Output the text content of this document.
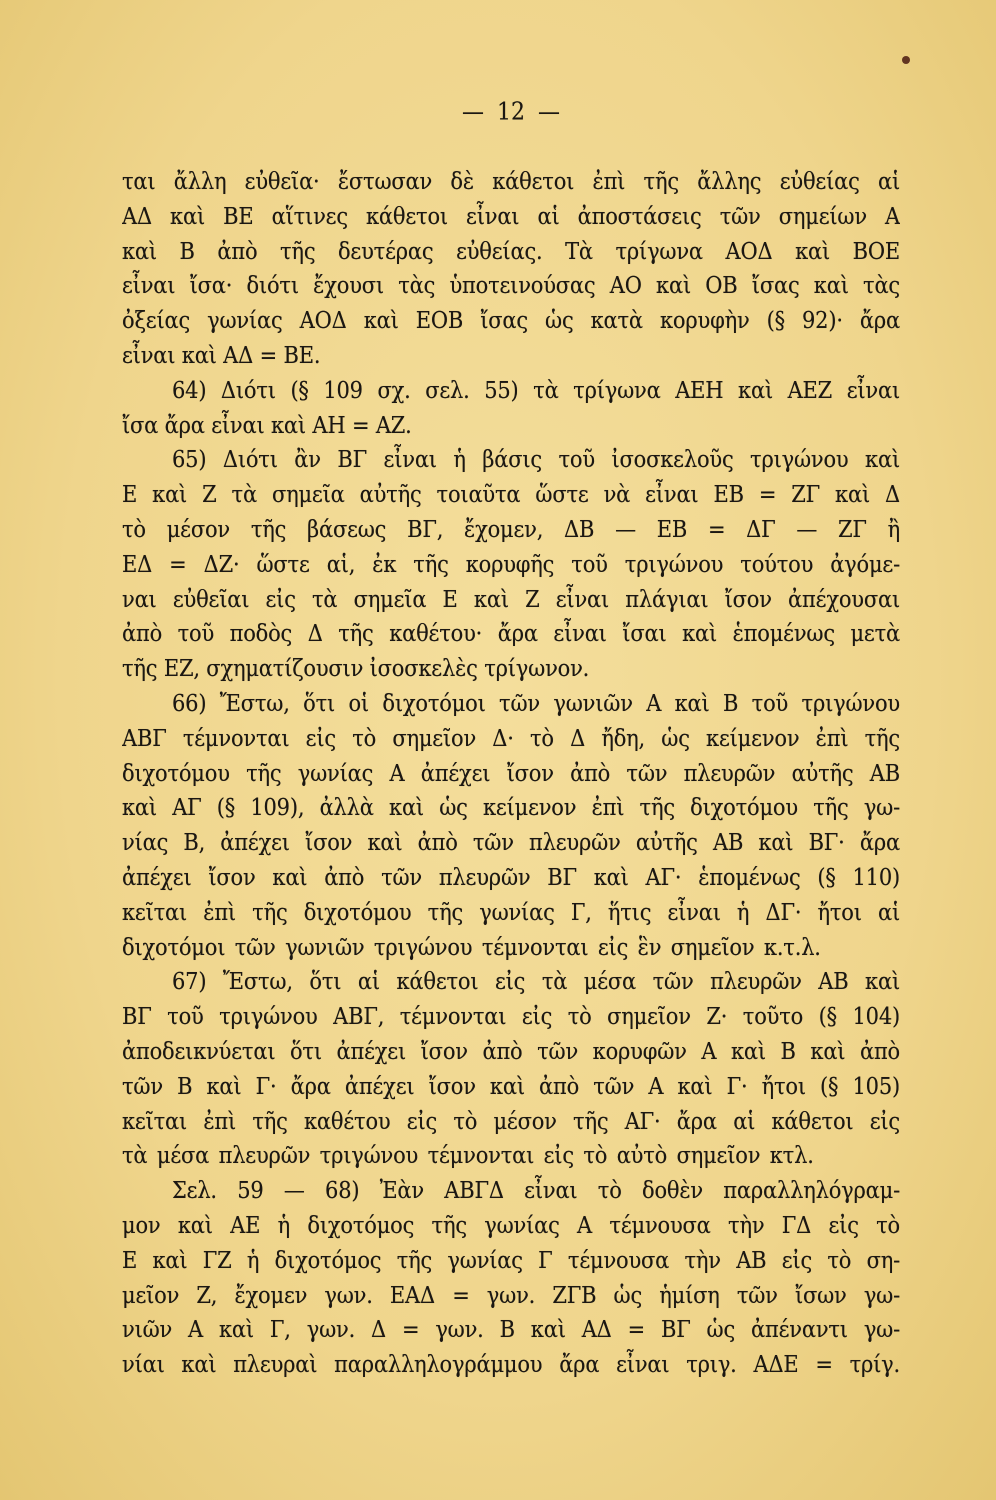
— 12 —
ται ἄλλη εὐθεῖα· ἔστωσαν δὲ κάθετοι ἐπὶ τῆς ἄλλης εὐθείας αἱ
ΑΔ καὶ ΒΕ αἵτινες κάθετοι εἶναι αἱ ἀποστάσεις τῶν σημείων Α
καὶ Β ἀπὸ τῆς δευτέρας εὐθείας. Τὰ τρίγωνα ΑΟΔ καὶ ΒΟΕ
εἶναι ἴσα· διότι ἔχουσι τὰς ὑποτεινούσας ΑΟ καὶ ΟΒ ἴσας καὶ τὰς
ὀξείας γωνίας ΑΟΔ καὶ ΕΟΒ ἴσας ὡς κατὰ κορυφὴν (§ 92)· ἄρα
εἶναι καὶ ΑΔ = ΒΕ.
64) Διότι (§ 109 σχ. σελ. 55) τὰ τρίγωνα ΑΕΗ καὶ ΑΕΖ εἶναι
ἴσα ἄρα εἶναι καὶ ΑΗ = ΑΖ.
65) Διότι ἂν ΒΓ εἶναι ἡ βάσις τοῦ ἰσοσκελοῦς τριγώνου καὶ
Ε καὶ Ζ τὰ σημεῖα αὐτῆς τοιαῦτα ὥστε νὰ εἶναι ΕΒ = ΖΓ καὶ Δ
τὸ μέσον τῆς βάσεως ΒΓ, ἔχομεν, ΔΒ — ΕΒ = ΔΓ — ΖΓ ἢ
ΕΔ = ΔΖ· ὥστε αἱ, ἐκ τῆς κορυφῆς τοῦ τριγώνου τούτου ἀγόμε-
ναι εὐθεῖαι εἰς τὰ σημεῖα Ε καὶ Ζ εἶναι πλάγιαι ἴσον ἀπέχουσαι
ἀπὸ τοῦ ποδὸς Δ τῆς καθέτου· ἄρα εἶναι ἴσαι καὶ ἑπομένως μετὰ
τῆς ΕΖ, σχηματίζουσιν ἰσοσκελὲς τρίγωνον.
66) Ἔστω, ὅτι οἱ διχοτόμοι τῶν γωνιῶν Α καὶ Β τοῦ τριγώνου
ΑΒΓ τέμνονται εἰς τὸ σημεῖον Δ· τὸ Δ ἤδη, ὡς κείμενον ἐπὶ τῆς
διχοτόμου τῆς γωνίας Α ἀπέχει ἴσον ἀπὸ τῶν πλευρῶν αὐτῆς ΑΒ
καὶ ΑΓ (§ 109), ἀλλὰ καὶ ὡς κείμενον ἐπὶ τῆς διχοτόμου τῆς γω-
νίας Β, ἀπέχει ἴσον καὶ ἀπὸ τῶν πλευρῶν αὐτῆς ΑΒ καὶ ΒΓ· ἄρα
ἀπέχει ἴσον καὶ ἀπὸ τῶν πλευρῶν ΒΓ καὶ ΑΓ· ἑπομένως (§ 110)
κεῖται ἐπὶ τῆς διχοτόμου τῆς γωνίας Γ, ἥτις εἶναι ἡ ΔΓ· ἤτοι αἱ
διχοτόμοι τῶν γωνιῶν τριγώνου τέμνονται εἰς ἓν σημεῖον κ.τ.λ.
67) Ἔστω, ὅτι αἱ κάθετοι εἰς τὰ μέσα τῶν πλευρῶν ΑΒ καὶ
ΒΓ τοῦ τριγώνου ΑΒΓ, τέμνονται εἰς τὸ σημεῖον Ζ· τοῦτο (§ 104)
ἀποδεικνύεται ὅτι ἀπέχει ἴσον ἀπὸ τῶν κορυφῶν Α καὶ Β καὶ ἀπὸ
τῶν Β καὶ Γ· ἄρα ἀπέχει ἴσον καὶ ἀπὸ τῶν Α καὶ Γ· ἤτοι (§ 105)
κεῖται ἐπὶ τῆς καθέτου εἰς τὸ μέσον τῆς ΑΓ· ἄρα αἱ κάθετοι εἰς
τὰ μέσα πλευρῶν τριγώνου τέμνονται εἰς τὸ αὐτὸ σημεῖον κτλ.
Σελ. 59 — 68) Ἐὰν ΑΒΓΔ εἶναι τὸ δοθὲν παραλληλόγραμ-
μον καὶ ΑΕ ἡ διχοτόμος τῆς γωνίας Α τέμνουσα τὴν ΓΔ εἰς τὸ
Ε καὶ ΓΖ ἡ διχοτόμος τῆς γωνίας Γ τέμνουσα τὴν ΑΒ εἰς τὸ ση-
μεῖον Ζ, ἔχομεν γων. ΕΑΔ = γων. ΖΓΒ ὡς ἡμίση τῶν ἴσων γω-
νιῶν Α καὶ Γ, γων. Δ = γων. Β καὶ ΑΔ = ΒΓ ὡς ἀπέναντι γω-
νίαι καὶ πλευραὶ παραλληλογράμμου ἄρα εἶναι τριγ. ΑΔΕ = τρίγ.
